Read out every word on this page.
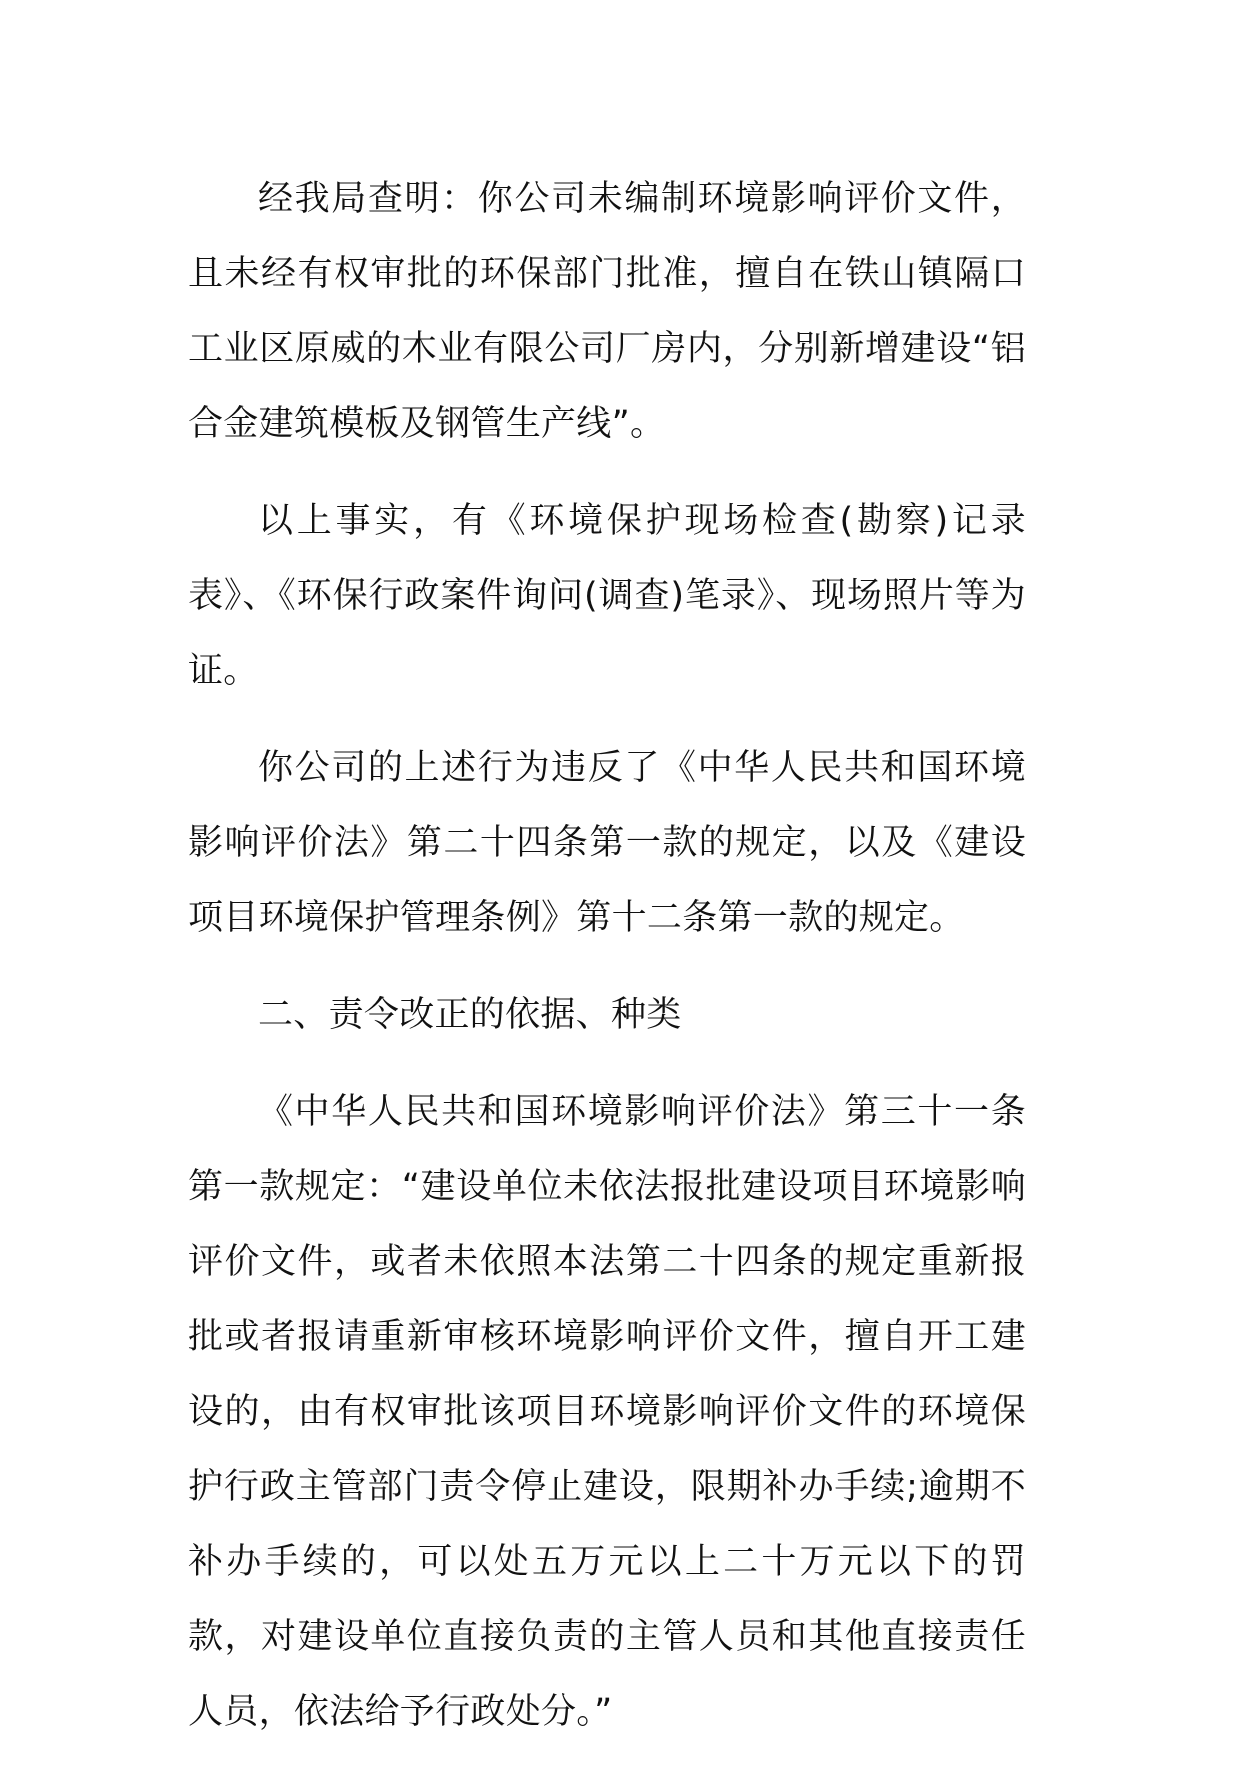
经我局查明：你公司未编制环境影响评价文件，且未经有权审批的环保部门批准，擅自在铁山镇隔口工业区原威的木业有限公司厂房内，分别新增建设“铝合金建筑模板及钢管生产线”。

以上事实，有《环境保护现场检查(勘察)记录表》、《环保行政案件询问(调查)笔录》、现场照片等为证。

你公司的上述行为违反了《中华人民共和国环境影响评价法》第二十四条第一款的规定，以及《建设项目环境保护管理条例》第十二条第一款的规定。

二、责令改正的依据、种类

《中华人民共和国环境影响评价法》第三十一条第一款规定：“建设单位未依法报批建设项目环境影响评价文件，或者未依照本法第二十四条的规定重新报批或者报请重新审核环境影响评价文件，擅自开工建设的，由有权审批该项目环境影响评价文件的环境保护行政主管部门责令停止建设，限期补办手续;逾期不补办手续的，可以处五万元以上二十万元以下的罚款，对建设单位直接负责的主管人员和其他直接责任人员，依法给予行政处分。”
